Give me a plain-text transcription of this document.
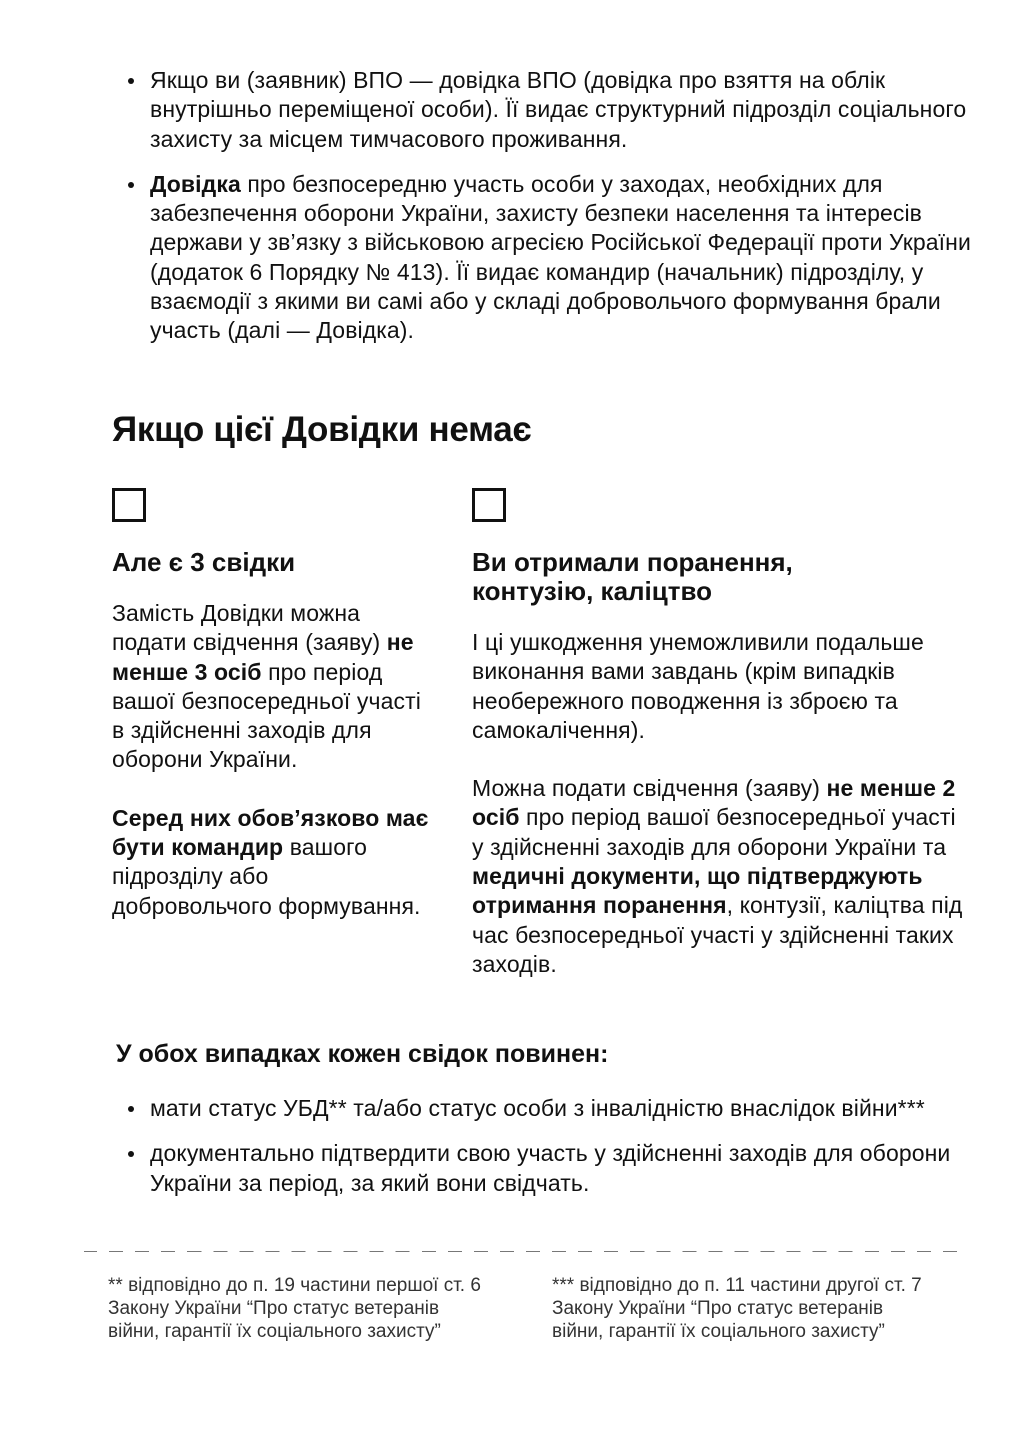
Якщо ви (заявник) ВПО — довідка ВПО (довідка про взяття на облік внутрішньо переміщеної особи). Її видає структурний підрозділ соціального захисту за місцем тимчасового проживання.
Довідка про безпосередню участь особи у заходах, необхідних для забезпечення оборони України, захисту безпеки населення та інтересів держави у зв’язку з військовою агресією Російської Федерації проти України (додаток 6 Порядку № 413). Її видає командир (начальник) підрозділу, у взаємодії з якими ви самі або у складі добровольчого формування брали участь (далі — Довідка).
Якщо цієї Довідки немає
Але є 3 свідки

Замість Довідки можна подати свідчення (заяву) не менше 3 осіб про період вашої безпосередньої участі в здійсненні заходів для оборони України.

Серед них обов’язково має бути командир вашого підрозділу або добровольчого формування.

Ви отримали поранення, контузію, каліцтво

І ці ушкодження унеможливили подальше виконання вами завдань (крім випадків необережного поводження із зброєю та самокалічення).

Можна подати свідчення (заяву) не менше 2 осіб про період вашої безпосередньої участі у здійсненні заходів для оборони України та медичні документи, що підтверджують отримання поранення, контузії, каліцтва під час безпосередньої участі у здійсненні таких заходів.

У обох випадках кожен свідок повинен:
мати статус УБД** та/або статус особи з інвалідністю внаслідок війни***
документально підтвердити свою участь у здійсненні заходів для оборони України за період, за який вони свідчать.
** відповідно до п. 19 частини першої ст. 6 Закону України “Про статус ветеранів війни, гарантії їх соціального захисту”
*** відповідно до п. 11 частини другої ст. 7 Закону України “Про статус ветеранів війни, гарантії їх соціального захисту”
